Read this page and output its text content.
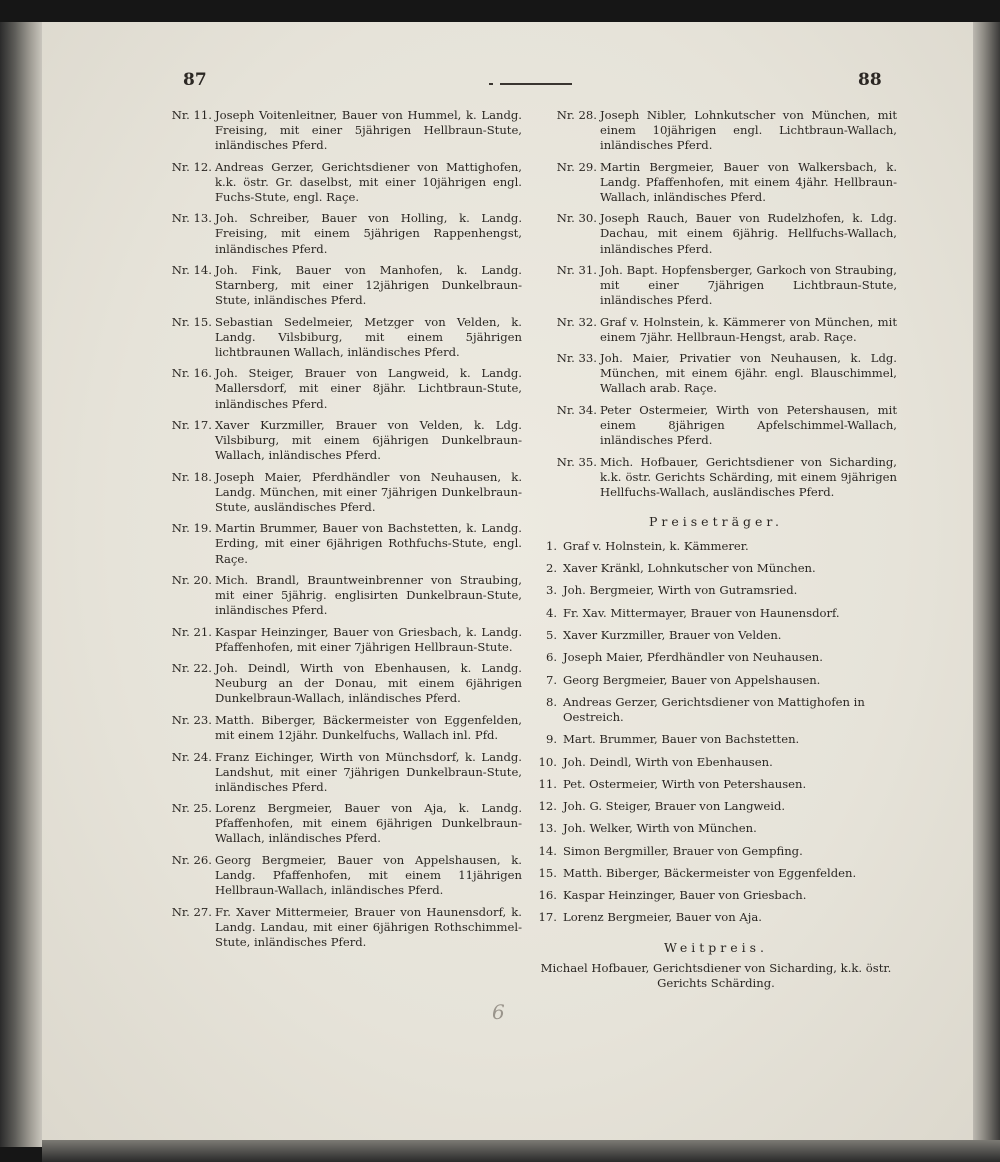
87	88
Nr. 11. Joseph Voitenleitner, Bauer von Hummel, k. Landg. Freising, mit einer 5jährigen Hellbraun-Stute, inländisches Pferd.
Nr. 12. Andreas Gerzer, Gerichtsdiener von Mattighofen, k.k. östr. Gr. daselbst, mit einer 10jährigen engl. Fuchs-Stute, engl. Raçe.
Nr. 13. Joh. Schreiber, Bauer von Holling, k. Landg. Freising, mit einem 5jährigen Rappenhengst, inländisches Pferd.
Nr. 14. Joh. Fink, Bauer von Manhofen, k. Landg. Starnberg, mit einer 12jährigen Dunkelbraun-Stute, inländisches Pferd.
Nr. 15. Sebastian Sedelmeier, Metzger von Velden, k. Landg. Vilsbiburg, mit einem 5jährigen lichtbraunen Wallach, inländisches Pferd.
Nr. 16. Joh. Steiger, Brauer von Langweid, k. Landg. Mallersdorf, mit einer 8jähr. Lichtbraun-Stute, inländisches Pferd.
Nr. 17. Xaver Kurzmiller, Brauer von Velden, k. Ldg. Vilsbiburg, mit einem 6jährigen Dunkelbraun-Wallach, inländisches Pferd.
Nr. 18. Joseph Maier, Pferdhändler von Neuhausen, k. Landg. München, mit einer 7jährigen Dunkelbraun-Stute, ausländisches Pferd.
Nr. 19. Martin Brummer, Bauer von Bachstetten, k. Landg. Erding, mit einer 6jährigen Rothfuchs-Stute, engl. Raçe.
Nr. 20. Mich. Brandl, Brauntweinbrenner von Straubing, mit einer 5jährig. englisirten Dunkelbraun-Stute, inländisches Pferd.
Nr. 21. Kaspar Heinzinger, Bauer von Griesbach, k. Landg. Pfaffenhofen, mit einer 7jährigen Hellbraun-Stute.
Nr. 22. Joh. Deindl, Wirth von Ebenhausen, k. Landg. Neuburg an der Donau, mit einem 6jährigen Dunkelbraun-Wallach, inländisches Pferd.
Nr. 23. Matth. Biberger, Bäckermeister von Eggenfelden, mit einem 12jähr. Dunkelfuchs, Wallach inl. Pfd.
Nr. 24. Franz Eichinger, Wirth von Münchsdorf, k. Landg. Landshut, mit einer 7jährigen Dunkelbraun-Stute, inländisches Pferd.
Nr. 25. Lorenz Bergmeier, Bauer von Aja, k. Landg. Pfaffenhofen, mit einem 6jährigen Dunkelbraun-Wallach, inländisches Pferd.
Nr. 26. Georg Bergmeier, Bauer von Appelshausen, k. Landg. Pfaffenhofen, mit einem 11jährigen Hellbraun-Wallach, inländisches Pferd.
Nr. 27. Fr. Xaver Mittermeier, Brauer von Haunensdorf, k. Landg. Landau, mit einer 6jährigen Rothschimmel-Stute, inländisches Pferd.
Nr. 28. Joseph Nibler, Lohnkutscher von München, mit einem 10jährigen engl. Lichtbraun-Wallach, inländisches Pferd.
Nr. 29. Martin Bergmeier, Bauer von Walkersbach, k. Landg. Pfaffenhofen, mit einem 4jähr. Hellbraun-Wallach, inländisches Pferd.
Nr. 30. Joseph Rauch, Bauer von Rudelzhofen, k. Ldg. Dachau, mit einem 6jährig. Hellfuchs-Wallach, inländisches Pferd.
Nr. 31. Joh. Bapt. Hopfensberger, Garkoch von Straubing, mit einer 7jährigen Lichtbraun-Stute, inländisches Pferd.
Nr. 32. Graf v. Holnstein, k. Kämmerer von München, mit einem 7jähr. Hellbraun-Hengst, arab. Raçe.
Nr. 33. Joh. Maier, Privatier von Neuhausen, k. Ldg. München, mit einem 6jähr. engl. Blauschimmel, Wallach arab. Raçe.
Nr. 34. Peter Ostermeier, Wirth von Petershausen, mit einem 8jährigen Apfelschimmel-Wallach, inländisches Pferd.
Nr. 35. Mich. Hofbauer, Gerichtsdiener von Sicharding, k.k. östr. Gerichts Schärding, mit einem 9jährigen Hellfuchs-Wallach, ausländisches Pferd.
Preiseträger.
1. Graf v. Holnstein, k. Kämmerer.
2. Xaver Kränkl, Lohnkutscher von München.
3. Joh. Bergmeier, Wirth von Gutramsried.
4. Fr. Xav. Mittermayer, Brauer von Haunensdorf.
5. Xaver Kurzmiller, Brauer von Velden.
6. Joseph Maier, Pferdhändler von Neuhausen.
7. Georg Bergmeier, Bauer von Appelshausen.
8. Andreas Gerzer, Gerichtsdiener von Mattighofen in Oestreich.
9. Mart. Brummer, Bauer von Bachstetten.
10. Joh. Deindl, Wirth von Ebenhausen.
11. Pet. Ostermeier, Wirth von Petershausen.
12. Joh. G. Steiger, Brauer von Langweid.
13. Joh. Welker, Wirth von München.
14. Simon Bergmiller, Brauer von Gempfing.
15. Matth. Biberger, Bäckermeister von Eggenfelden.
16. Kaspar Heinzinger, Bauer von Griesbach.
17. Lorenz Bergmeier, Bauer von Aja.
Weitpreis.
Michael Hofbauer, Gerichtsdiener von Sicharding, k.k. östr. Gerichts Schärding.
6
